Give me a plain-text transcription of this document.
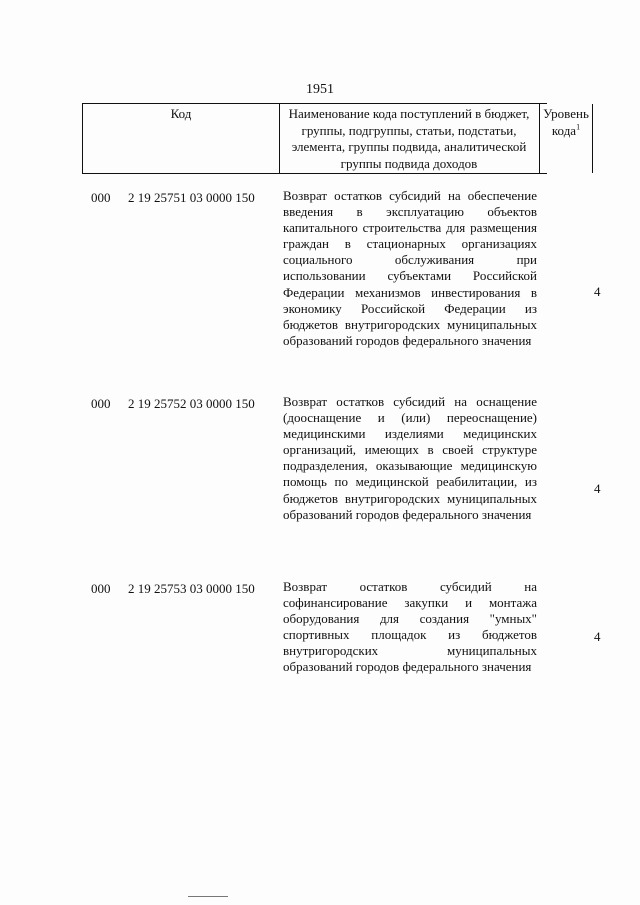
1951
Код	Наименование кода поступлений в бюджет, группы, подгруппы, статьи, подстатьи, элемента, группы подвида, аналитической группы подвида доходов
Уровень кода$^1$
000 2 19 25751 03 0000 150 Возврат остатков субсидий на обеспечение введения в эксплуатацию объектов капитального строительства для размещения граждан в стационарных организациях социального обслуживания при использовании субъектами Российской Федерации механизмов инвестирования в экономику Российской Федерации из бюджетов внутригородских муниципальных образований городов федерального значения
4
000 2 19 25752 03 0000 150 Возврат остатков субсидий на оснащение (дооснащение и (или) переоснащение) медицинскими изделиями медицинских организаций, имеющих в своей структуре подразделения, оказывающие медицинскую помощь по медицинской реабилитации, из бюджетов внутригородских муниципальных образований городов федерального значения
4
000 2 19 25753 03 0000 150 Возврат остатков субсидий на софинансирование закупки и монтажа оборудования для создания "умных" спортивных площадок из бюджетов внутригородских муниципальных образований городов федерального значения
4
